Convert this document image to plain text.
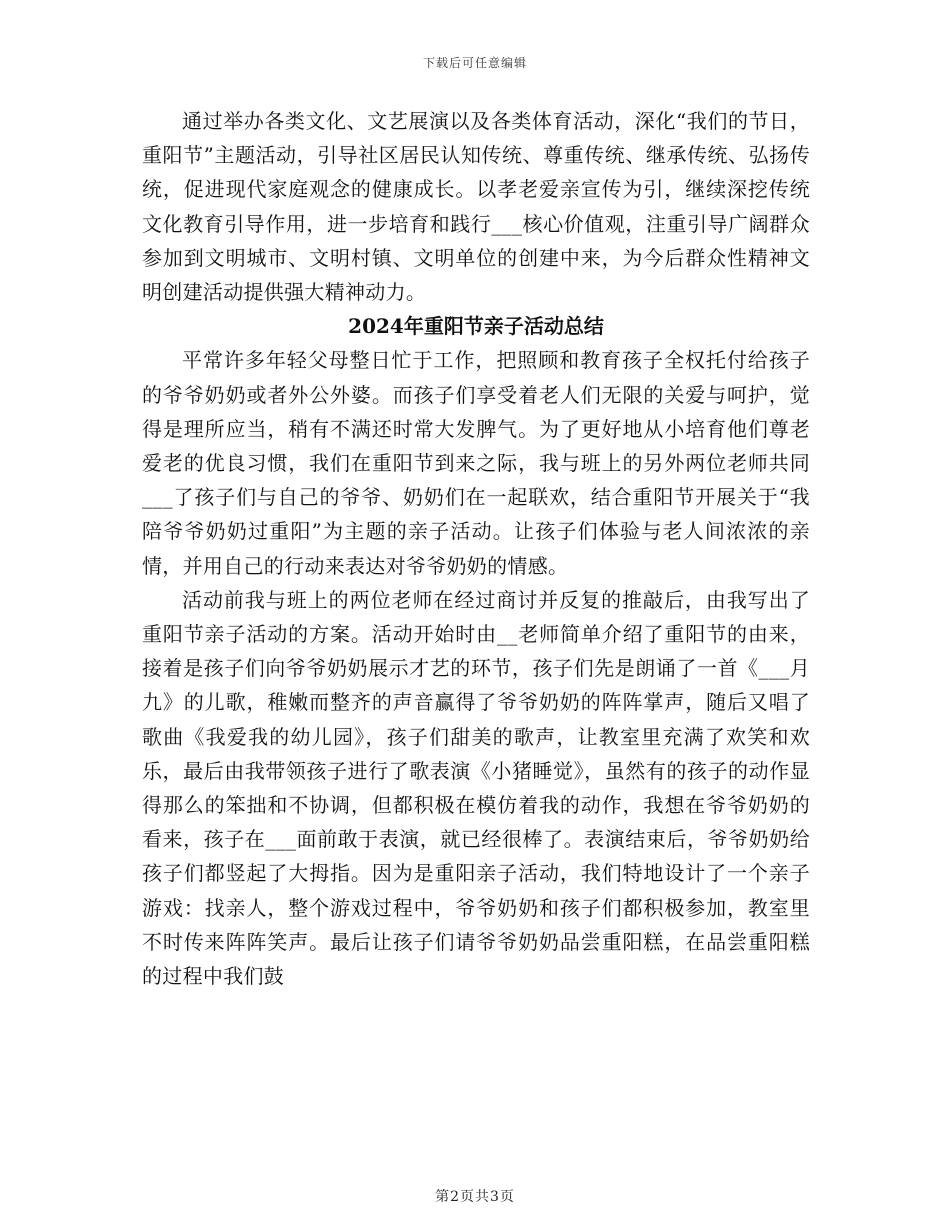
下载后可任意编辑

通过举办各类文化、文艺展演以及各类体育活动，深化“我们的节日，重阳节”主题活动，引导社区居民认知传统、尊重传统、继承传统、弘扬传统，促进现代家庭观念的健康成长。以孝老爱亲宣传为引，继续深挖传统文化教育引导作用，进一步培育和践行___核心价值观，注重引导广阔群众参加到文明城市、文明村镇、文明单位的创建中来，为今后群众性精神文明创建活动提供强大精神动力。

2024年重阳节亲子活动总结

平常许多年轻父母整日忙于工作，把照顾和教育孩子全权托付给孩子的爷爷奶奶或者外公外婆。而孩子们享受着老人们无限的关爱与呵护，觉得是理所应当，稍有不满还时常大发脾气。为了更好地从小培育他们尊老爱老的优良习惯，我们在重阳节到来之际，我与班上的另外两位老师共同___了孩子们与自己的爷爷、奶奶们在一起联欢，结合重阳节开展关于“我陪爷爷奶奶过重阳”为主题的亲子活动。让孩子们体验与老人间浓浓的亲情，并用自己的行动来表达对爷爷奶奶的情感。

活动前我与班上的两位老师在经过商讨并反复的推敲后，由我写出了重阳节亲子活动的方案。活动开始时由__老师简单介绍了重阳节的由来，接着是孩子们向爷爷奶奶展示才艺的环节，孩子们先是朗诵了一首《___月九》的儿歌，稚嫩而整齐的声音赢得了爷爷奶奶的阵阵掌声，随后又唱了歌曲《我爱我的幼儿园》，孩子们甜美的歌声，让教室里充满了欢笑和欢乐，最后由我带领孩子进行了歌表演《小猪睡觉》，虽然有的孩子的动作显得那么的笨拙和不协调，但都积极在模仿着我的动作，我想在爷爷奶奶的看来，孩子在___面前敢于表演，就已经很棒了。表演结束后，爷爷奶奶给孩子们都竖起了大拇指。因为是重阳亲子活动，我们特地设计了一个亲子游戏：找亲人，整个游戏过程中，爷爷奶奶和孩子们都积极参加，教室里不时传来阵阵笑声。最后让孩子们请爷爷奶奶品尝重阳糕，在品尝重阳糕的过程中我们鼓

第2页共3页
